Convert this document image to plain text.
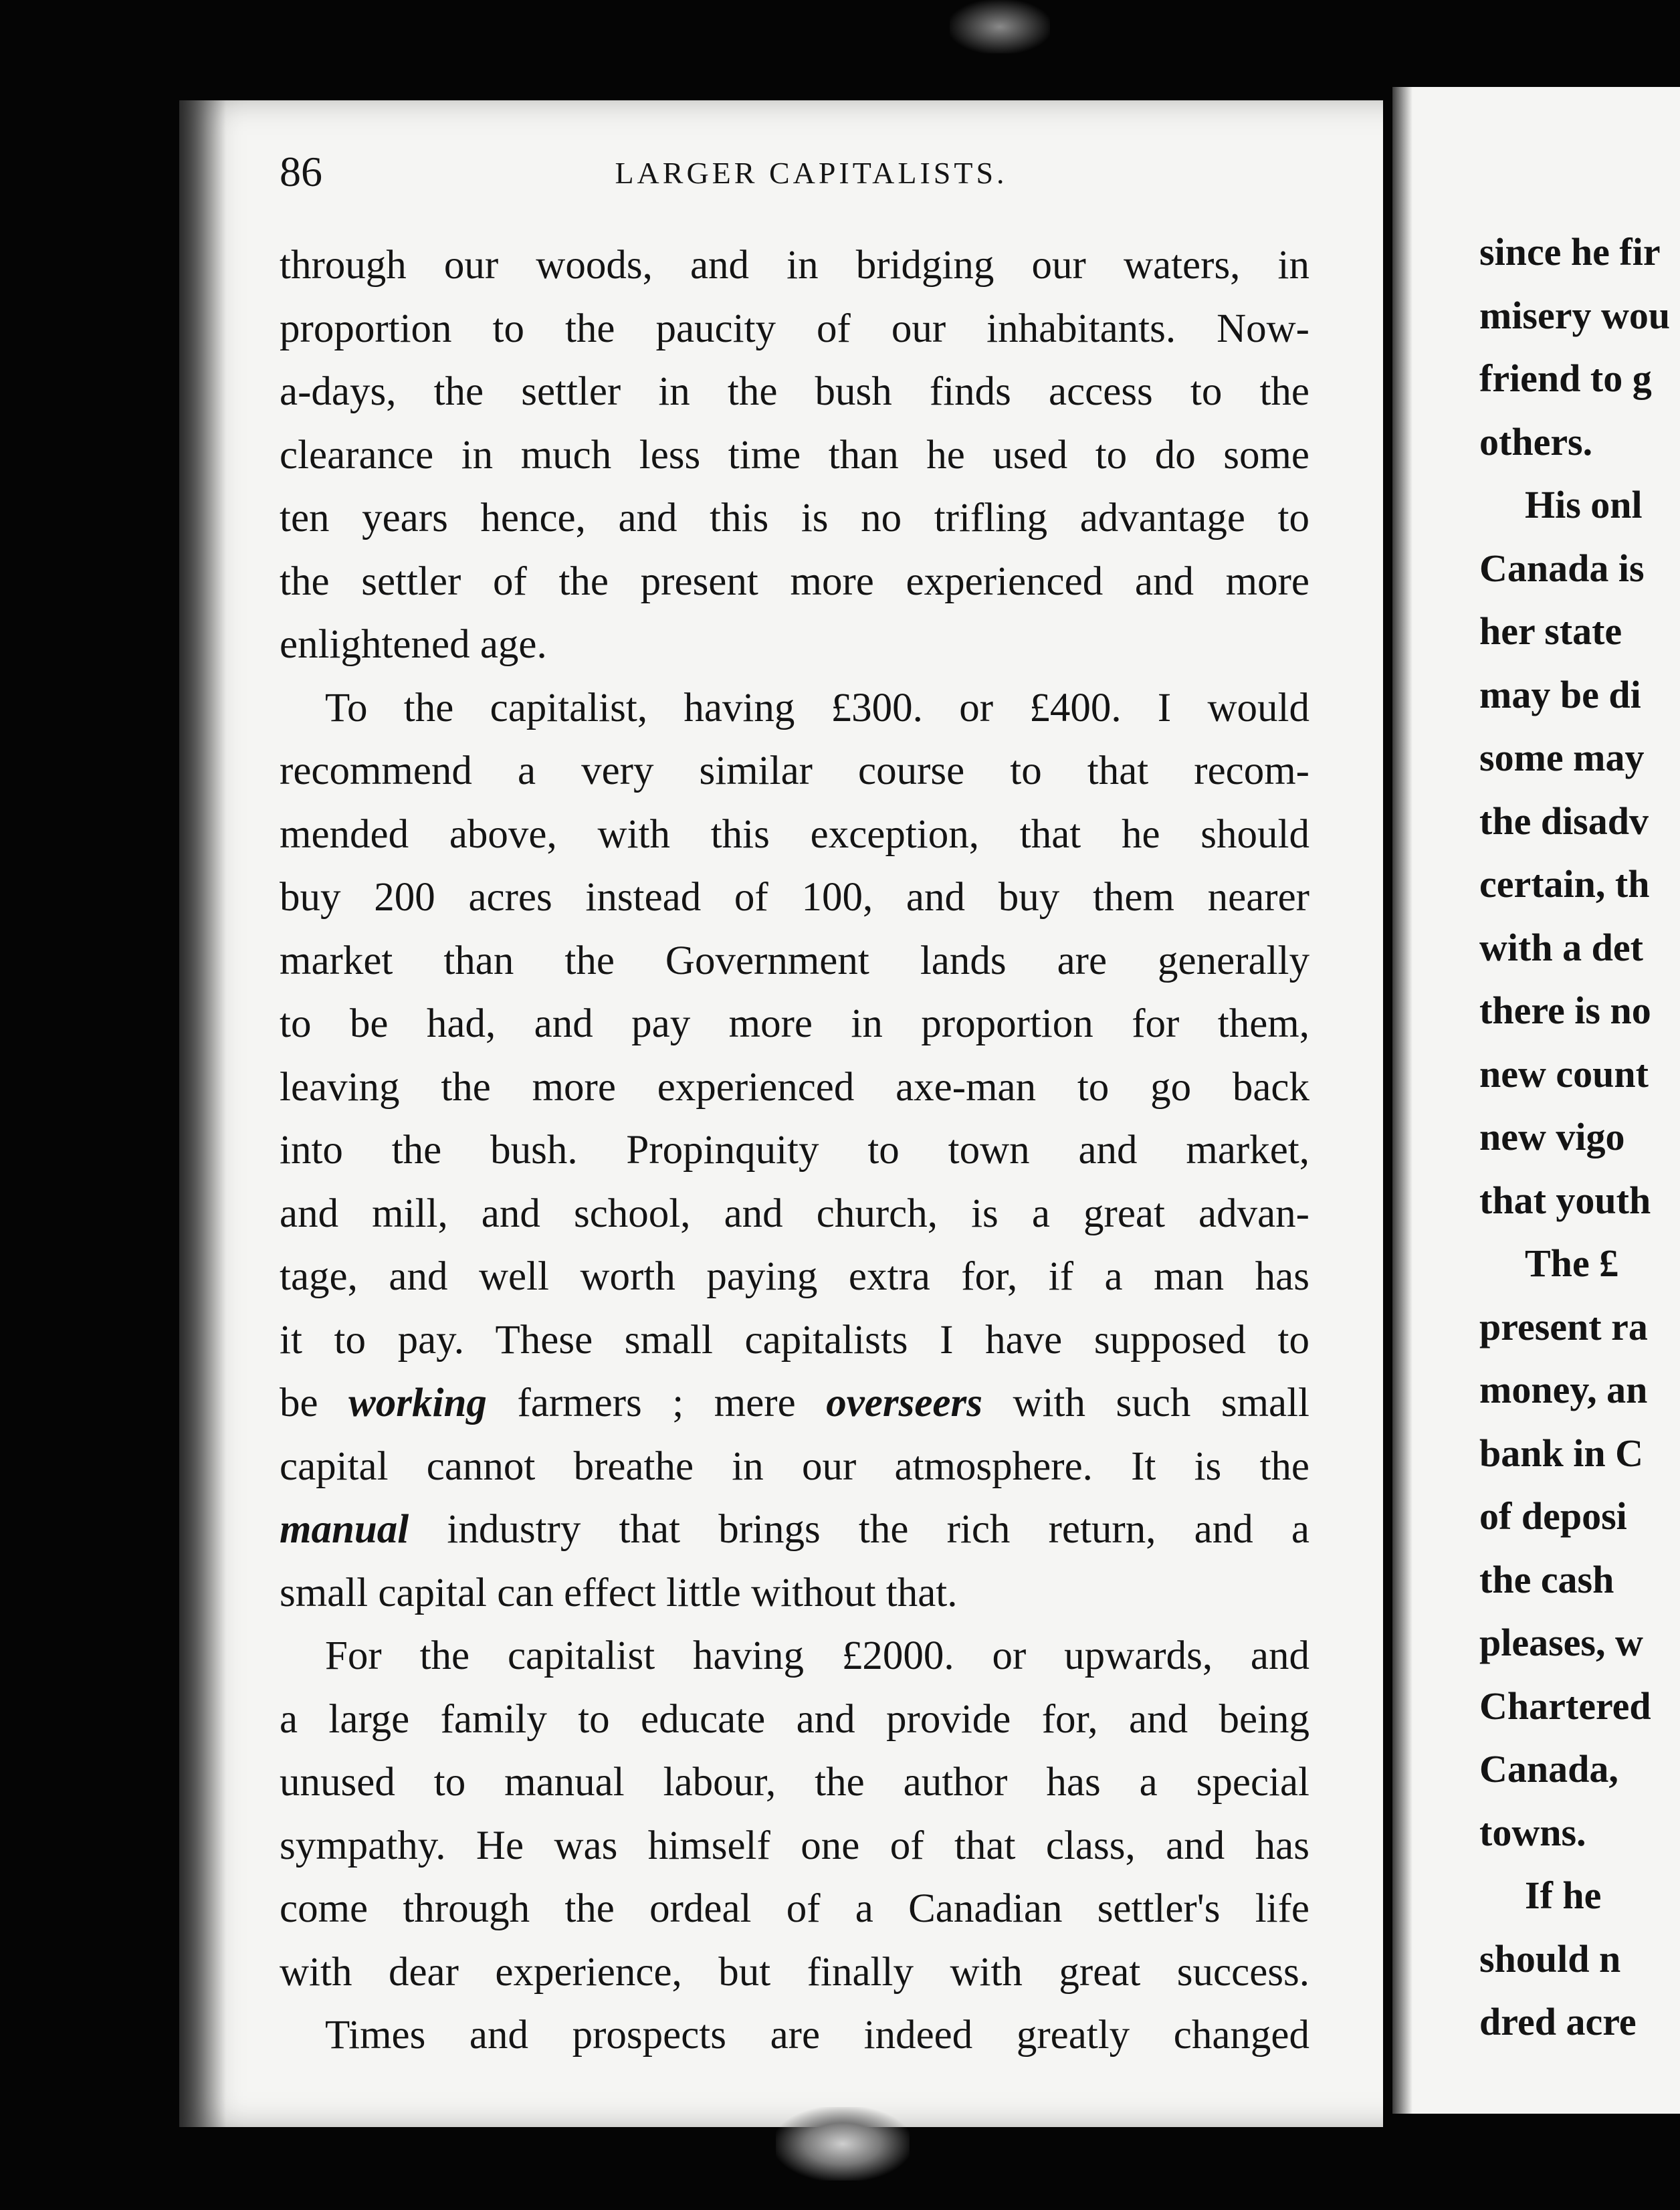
86	LARGER CAPITALISTS.
through our woods, and in bridging our waters, in
proportion to the paucity of our inhabitants. Now-
a-days, the settler in the bush finds access to the
clearance in much less time than he used to do some
ten years hence, and this is no trifling advantage to
the settler of the present more experienced and more
enlightened age.
To the capitalist, having £300. or £400. I would
recommend a very similar course to that recom-
mended above, with this exception, that he should
buy 200 acres instead of 100, and buy them nearer
market than the Government lands are generally
to be had, and pay more in proportion for them,
leaving the more experienced axe-man to go back
into the bush. Propinquity to town and market,
and mill, and school, and church, is a great advan-
tage, and well worth paying extra for, if a man has
it to pay. These small capitalists I have supposed to
be working farmers ; mere overseers with such small
capital cannot breathe in our atmosphere. It is the
manual industry that brings the rich return, and a
small capital can effect little without that.
For the capitalist having £2000. or upwards, and
a large family to educate and provide for, and being
unused to manual labour, the author has a special
sympathy. He was himself one of that class, and has
come through the ordeal of a Canadian settler's life
with dear experience, but finally with great success.
Times and prospects are indeed greatly changed
since he fir
misery wou
friend to g
others.
His onl
Canada is
her state
may be di
some may
the disadv
certain, th
with a det
there is no
new count
new vigo
that youth
The £
present ra
money, an
bank in C
of deposi
the cash
pleases, w
Chartered
Canada,
towns.
If he
should n
dred acre
